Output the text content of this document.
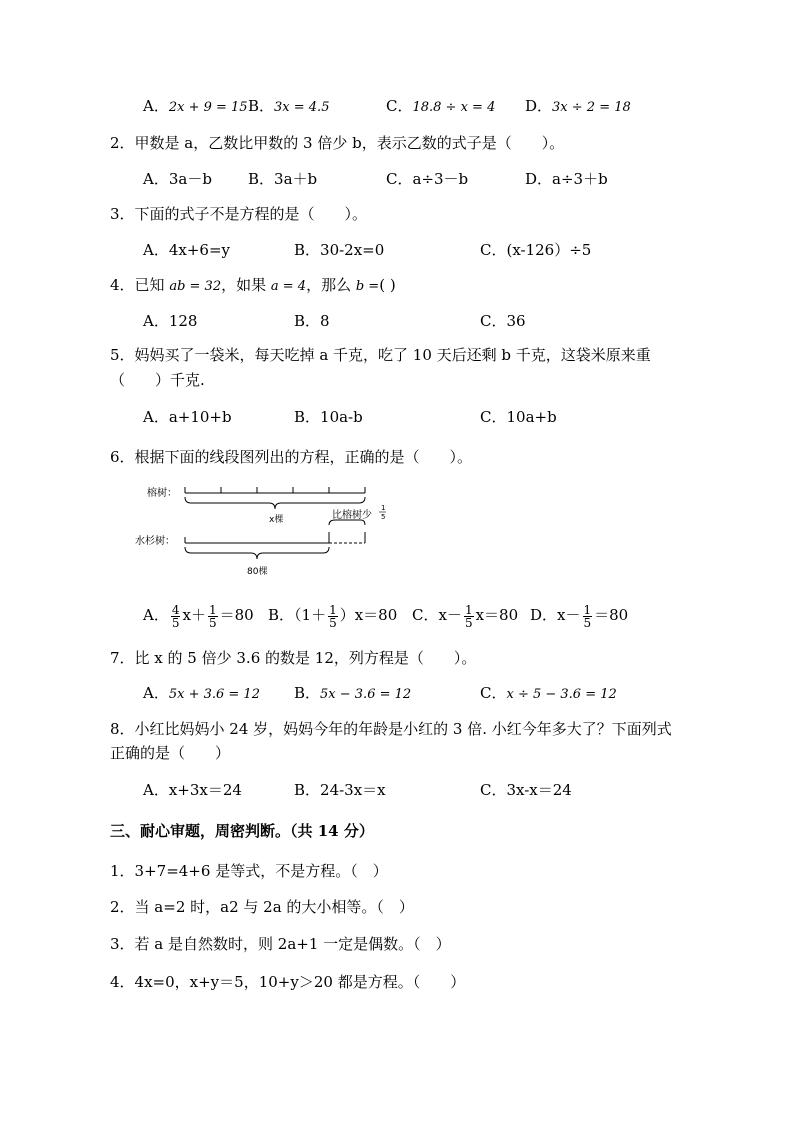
A．2x + 9 = 15 B．3x = 4.5	C．18.8 ÷ x = 4 D．3x ÷ 2 = 18
2．甲数是 a，乙数比甲数的 3 倍少 b，表示乙数的式子是（　　）。
A．3a－b B．3a＋b	C．a÷3－b	D．a÷3＋b
3．下面的式子不是方程的是（　　）。
A．4x+6=y	B．30-2x=0	C．(x-126）÷5
4．已知 ab = 32，如果 a = 4，那么 b =( )
A．128	B．8	C．36
5．妈妈买了一袋米，每天吃掉 a 千克，吃了 10 天后还剩 b 千克，这袋米原来重
（　　）千克.
A．a+10+b	B．10a-b	C．10a+b
6．根据下面的线段图列出的方程，正确的是（　　）。
榕树：
x棵	比榕树少
1
5
水杉树：
80棵
A． $\frac{4}{5} x+ \frac{1}{5} =80$ B．$(1+ \frac{1}{5} )x=80$ C．$x- \frac{1}{5} x=80$ D．$x- \frac{1}{5} =80$
7．比 x 的 5 倍少 3.6 的数是 12，列方程是（　　）。
A．5x + 3.6 = 12 B．5x − 3.6 = 12	C．x ÷ 5 − 3.6 = 12
8．小红比妈妈小 24 岁，妈妈今年的年龄是小红的 3 倍. 小红今年多大了？下面列式
正确的是（　　）
A．x+3x＝24	B．24-3x＝x	C．3x-x＝24
三、耐心审题，周密判断。（共 14 分）
1．3+7=4+6 是等式，不是方程。（　）
2．当 a=2 时，a2 与 2a 的大小相等。（　）
3．若 a 是自然数时，则 2a+1 一定是偶数。（　）
4．4x=0，x+y＝5，10+y＞20 都是方程。（　　）
